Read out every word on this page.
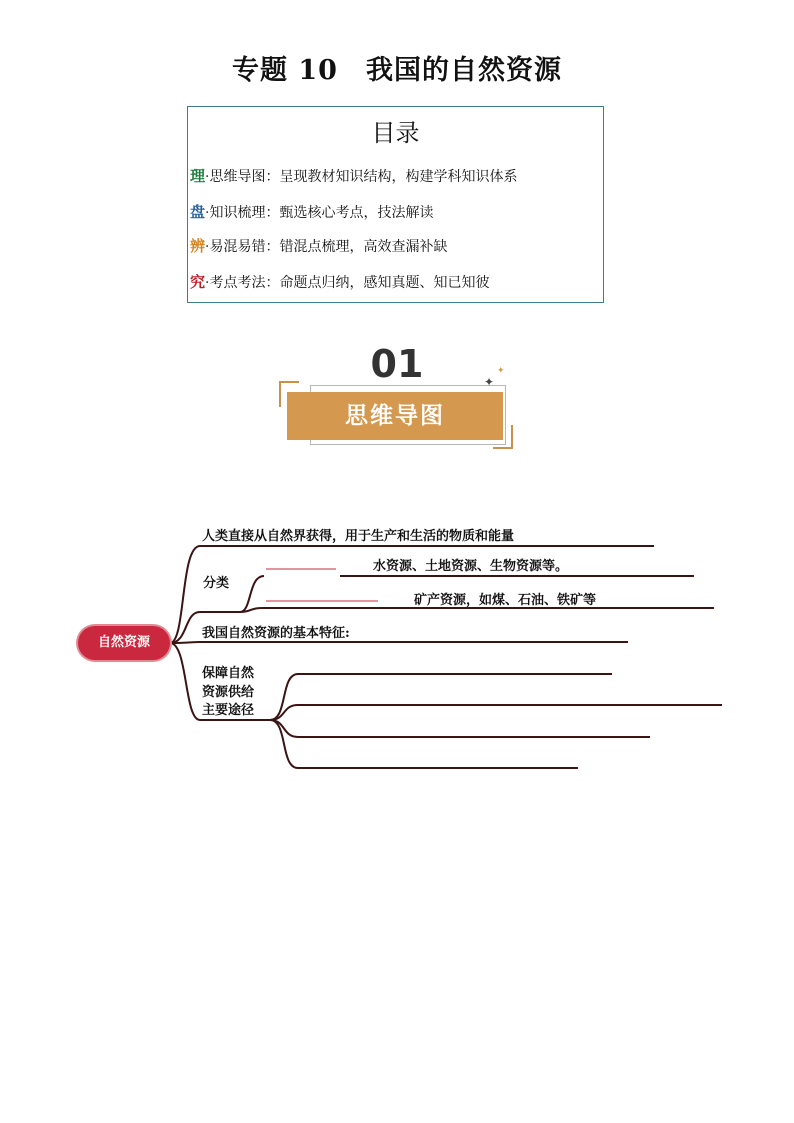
专题 10　我国的自然资源
目录
理·思维导图：呈现教材知识结构，构建学科知识体系
盘·知识梳理：甄选核心考点，技法解读
辨·易混易错：错混点梳理，高效查漏补缺
究·考点考法：命题点归纳，感知真题、知已知彼
01
思维导图
✦
✦
自然资源
人类直接从自然界获得，用于生产和生活的物质和能量
分类
水资源、土地资源、生物资源等。
矿产资源，如煤、石油、铁矿等
我国自然资源的基本特征:
保障自然
资源供给
主要途径
